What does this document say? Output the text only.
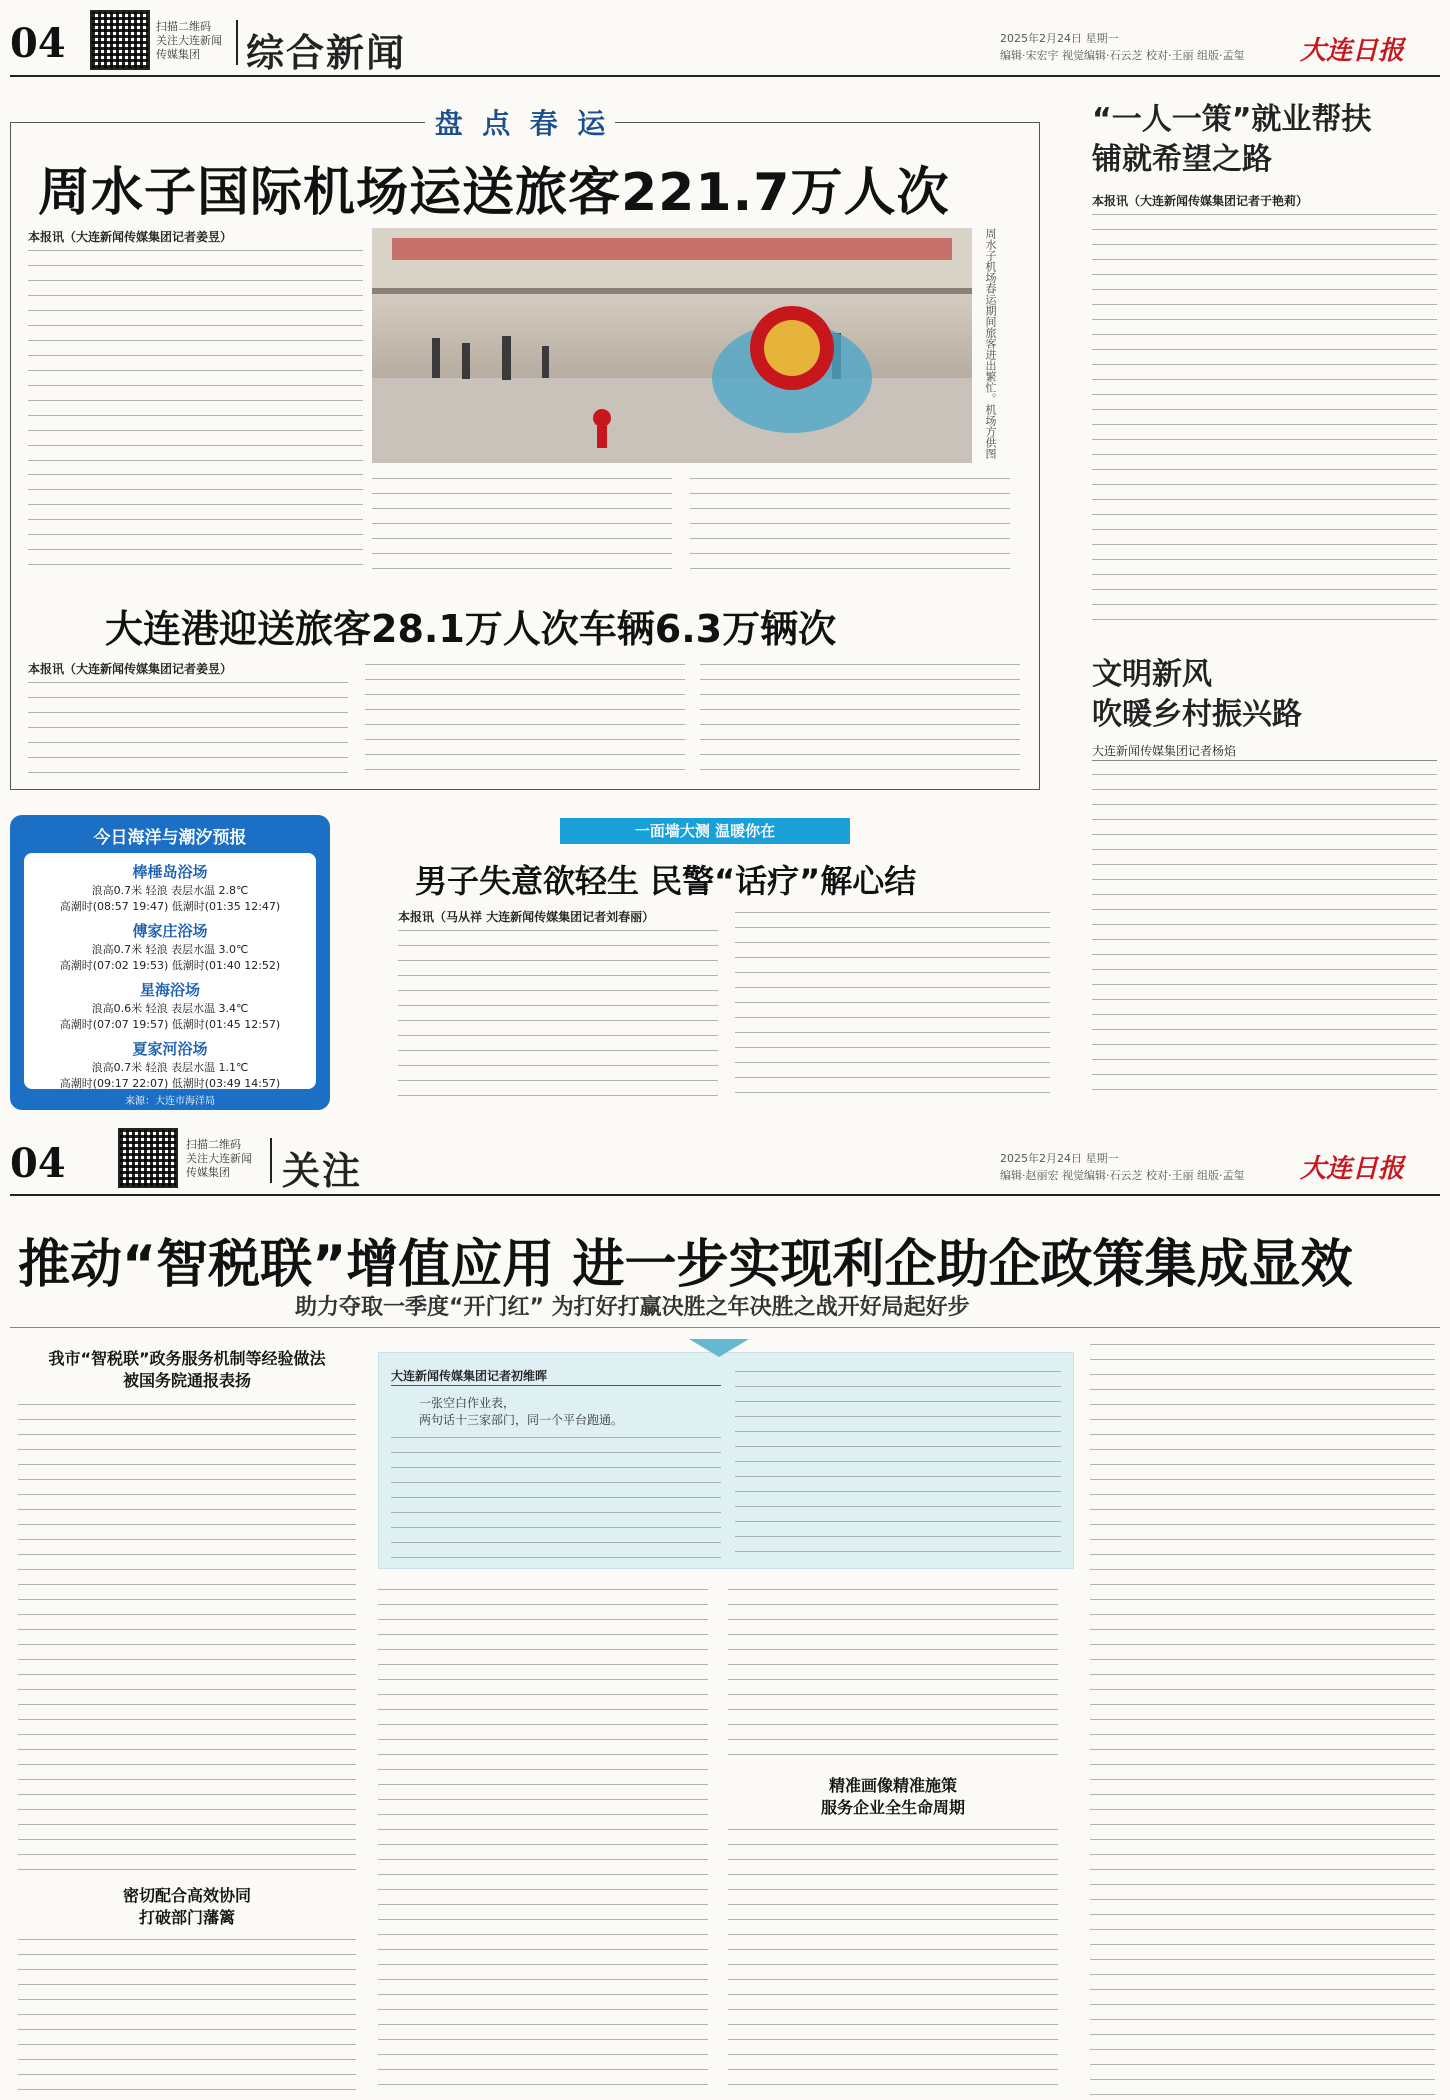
04	扫描二维码
关注大连新闻
传媒集团	综合新闻	2025年2月24日 星期一
编辑·宋宏宇 视觉编辑·石云芝 校对·王丽 组版·孟玺 大连日报
盘 点 春 运
周水子国际机场运送旅客221.7万人次
本报讯（大连新闻传媒集团记者姜昱）	周水子机场春运期间旅客进出繁忙。机场方供图
大连港迎送旅客28.1万人次车辆6.3万辆次
本报讯（大连新闻传媒集团记者姜昱）
“一人一策”就业帮扶
铺就希望之路
本报讯（大连新闻传媒集团记者于艳莉）
文明新风
吹暖乡村振兴路
大连新闻传媒集团记者杨焰
今日海洋与潮汐预报
棒棰岛浴场
浪高0.7米 轻浪 表层水温 2.8℃
高潮时(08:57 19:47) 低潮时(01:35 12:47)
傅家庄浴场
浪高0.7米 轻浪 表层水温 3.0℃
高潮时(07:02 19:53) 低潮时(01:40 12:52)
星海浴场
浪高0.6米 轻浪 表层水温 3.4℃
高潮时(07:07 19:57) 低潮时(01:45 12:57)
夏家河浴场
浪高0.7米 轻浪 表层水温 1.1℃
高潮时(09:17 22:07) 低潮时(03:49 14:57)
来源：大连市海洋局
一面墙大测 温暖你在
男子失意欲轻生 民警“话疗”解心结
本报讯（马从祥 大连新闻传媒集团记者刘春丽）
04	扫描二维码
关注大连新闻
传媒集团	关注	2025年2月24日 星期一
编辑·赵丽宏 视觉编辑·石云芝 校对·王丽 组版·孟玺 大连日报
推动“智税联”增值应用 进一步实现利企助企政策集成显效
助力夺取一季度“开门红” 为打好打赢决胜之年决胜之战开好局起好步
我市“智税联”政务服务机制等经验做法
被国务院通报表扬
密切配合高效协同
打破部门藩篱
大连新闻传媒集团记者初维晖
一张空白作业表，
两句话十三家部门，同一个平台跑通。
精准画像精准施策
服务企业全生命周期
